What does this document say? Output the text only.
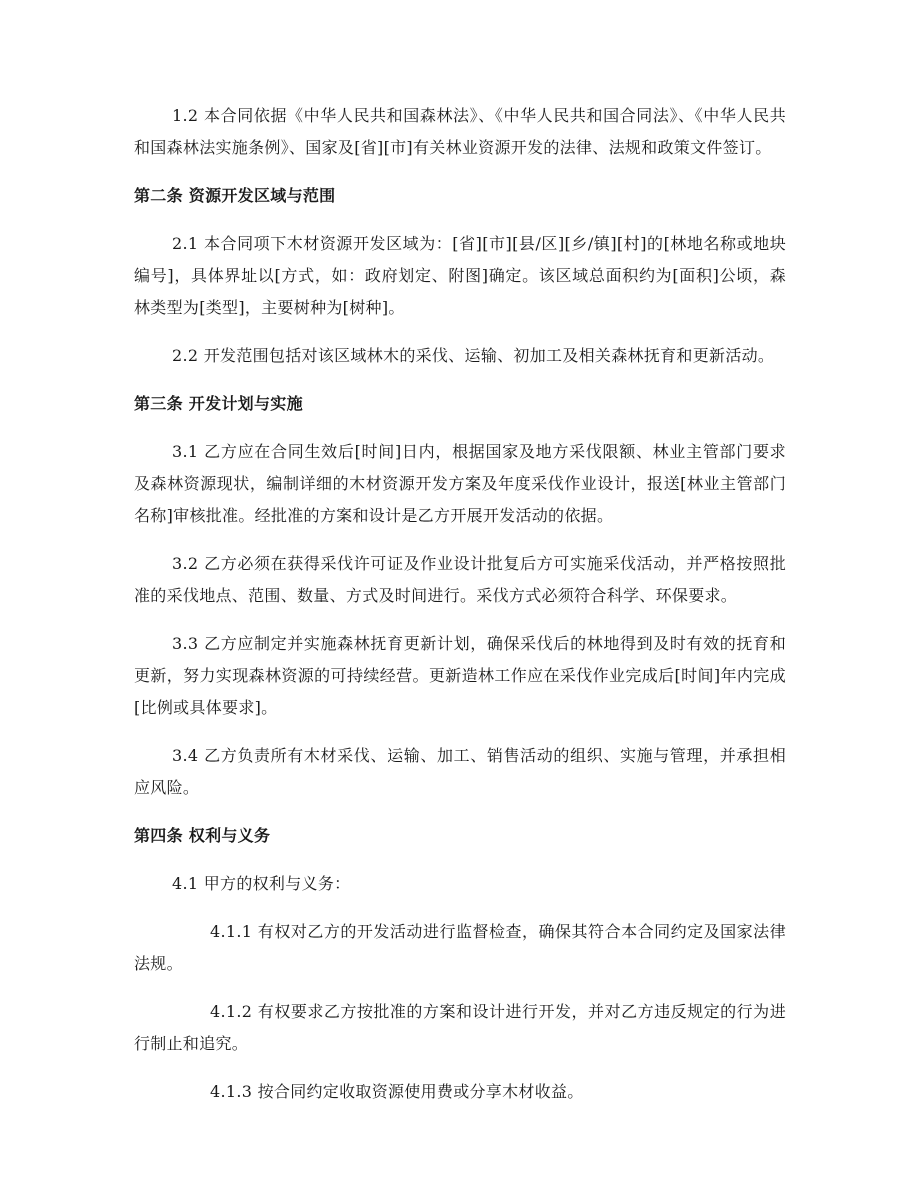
1.2 本合同依据《中华人民共和国森林法》、《中华人民共和国合同法》、《中华人民共和国森林法实施条例》、国家及[省][市]有关林业资源开发的法律、法规和政策文件签订。

第二条 资源开发区域与范围

2.1 本合同项下木材资源开发区域为：[省][市][县/区][乡/镇][村]的[林地名称或地块编号]，具体界址以[方式，如：政府划定、附图]确定。该区域总面积约为[面积]公顷，森林类型为[类型]，主要树种为[树种]。

2.2 开发范围包括对该区域林木的采伐、运输、初加工及相关森林抚育和更新活动。

第三条 开发计划与实施

3.1 乙方应在合同生效后[时间]日内，根据国家及地方采伐限额、林业主管部门要求及森林资源现状，编制详细的木材资源开发方案及年度采伐作业设计，报送[林业主管部门名称]审核批准。经批准的方案和设计是乙方开展开发活动的依据。

3.2 乙方必须在获得采伐许可证及作业设计批复后方可实施采伐活动，并严格按照批准的采伐地点、范围、数量、方式及时间进行。采伐方式必须符合科学、环保要求。

3.3 乙方应制定并实施森林抚育更新计划，确保采伐后的林地得到及时有效的抚育和更新，努力实现森林资源的可持续经营。更新造林工作应在采伐作业完成后[时间]年内完成[比例或具体要求]。

3.4 乙方负责所有木材采伐、运输、加工、销售活动的组织、实施与管理，并承担相应风险。

第四条 权利与义务

4.1 甲方的权利与义务：

4.1.1 有权对乙方的开发活动进行监督检查，确保其符合本合同约定及国家法律法规。

4.1.2 有权要求乙方按批准的方案和设计进行开发，并对乙方违反规定的行为进行制止和追究。

4.1.3 按合同约定收取资源使用费或分享木材收益。
